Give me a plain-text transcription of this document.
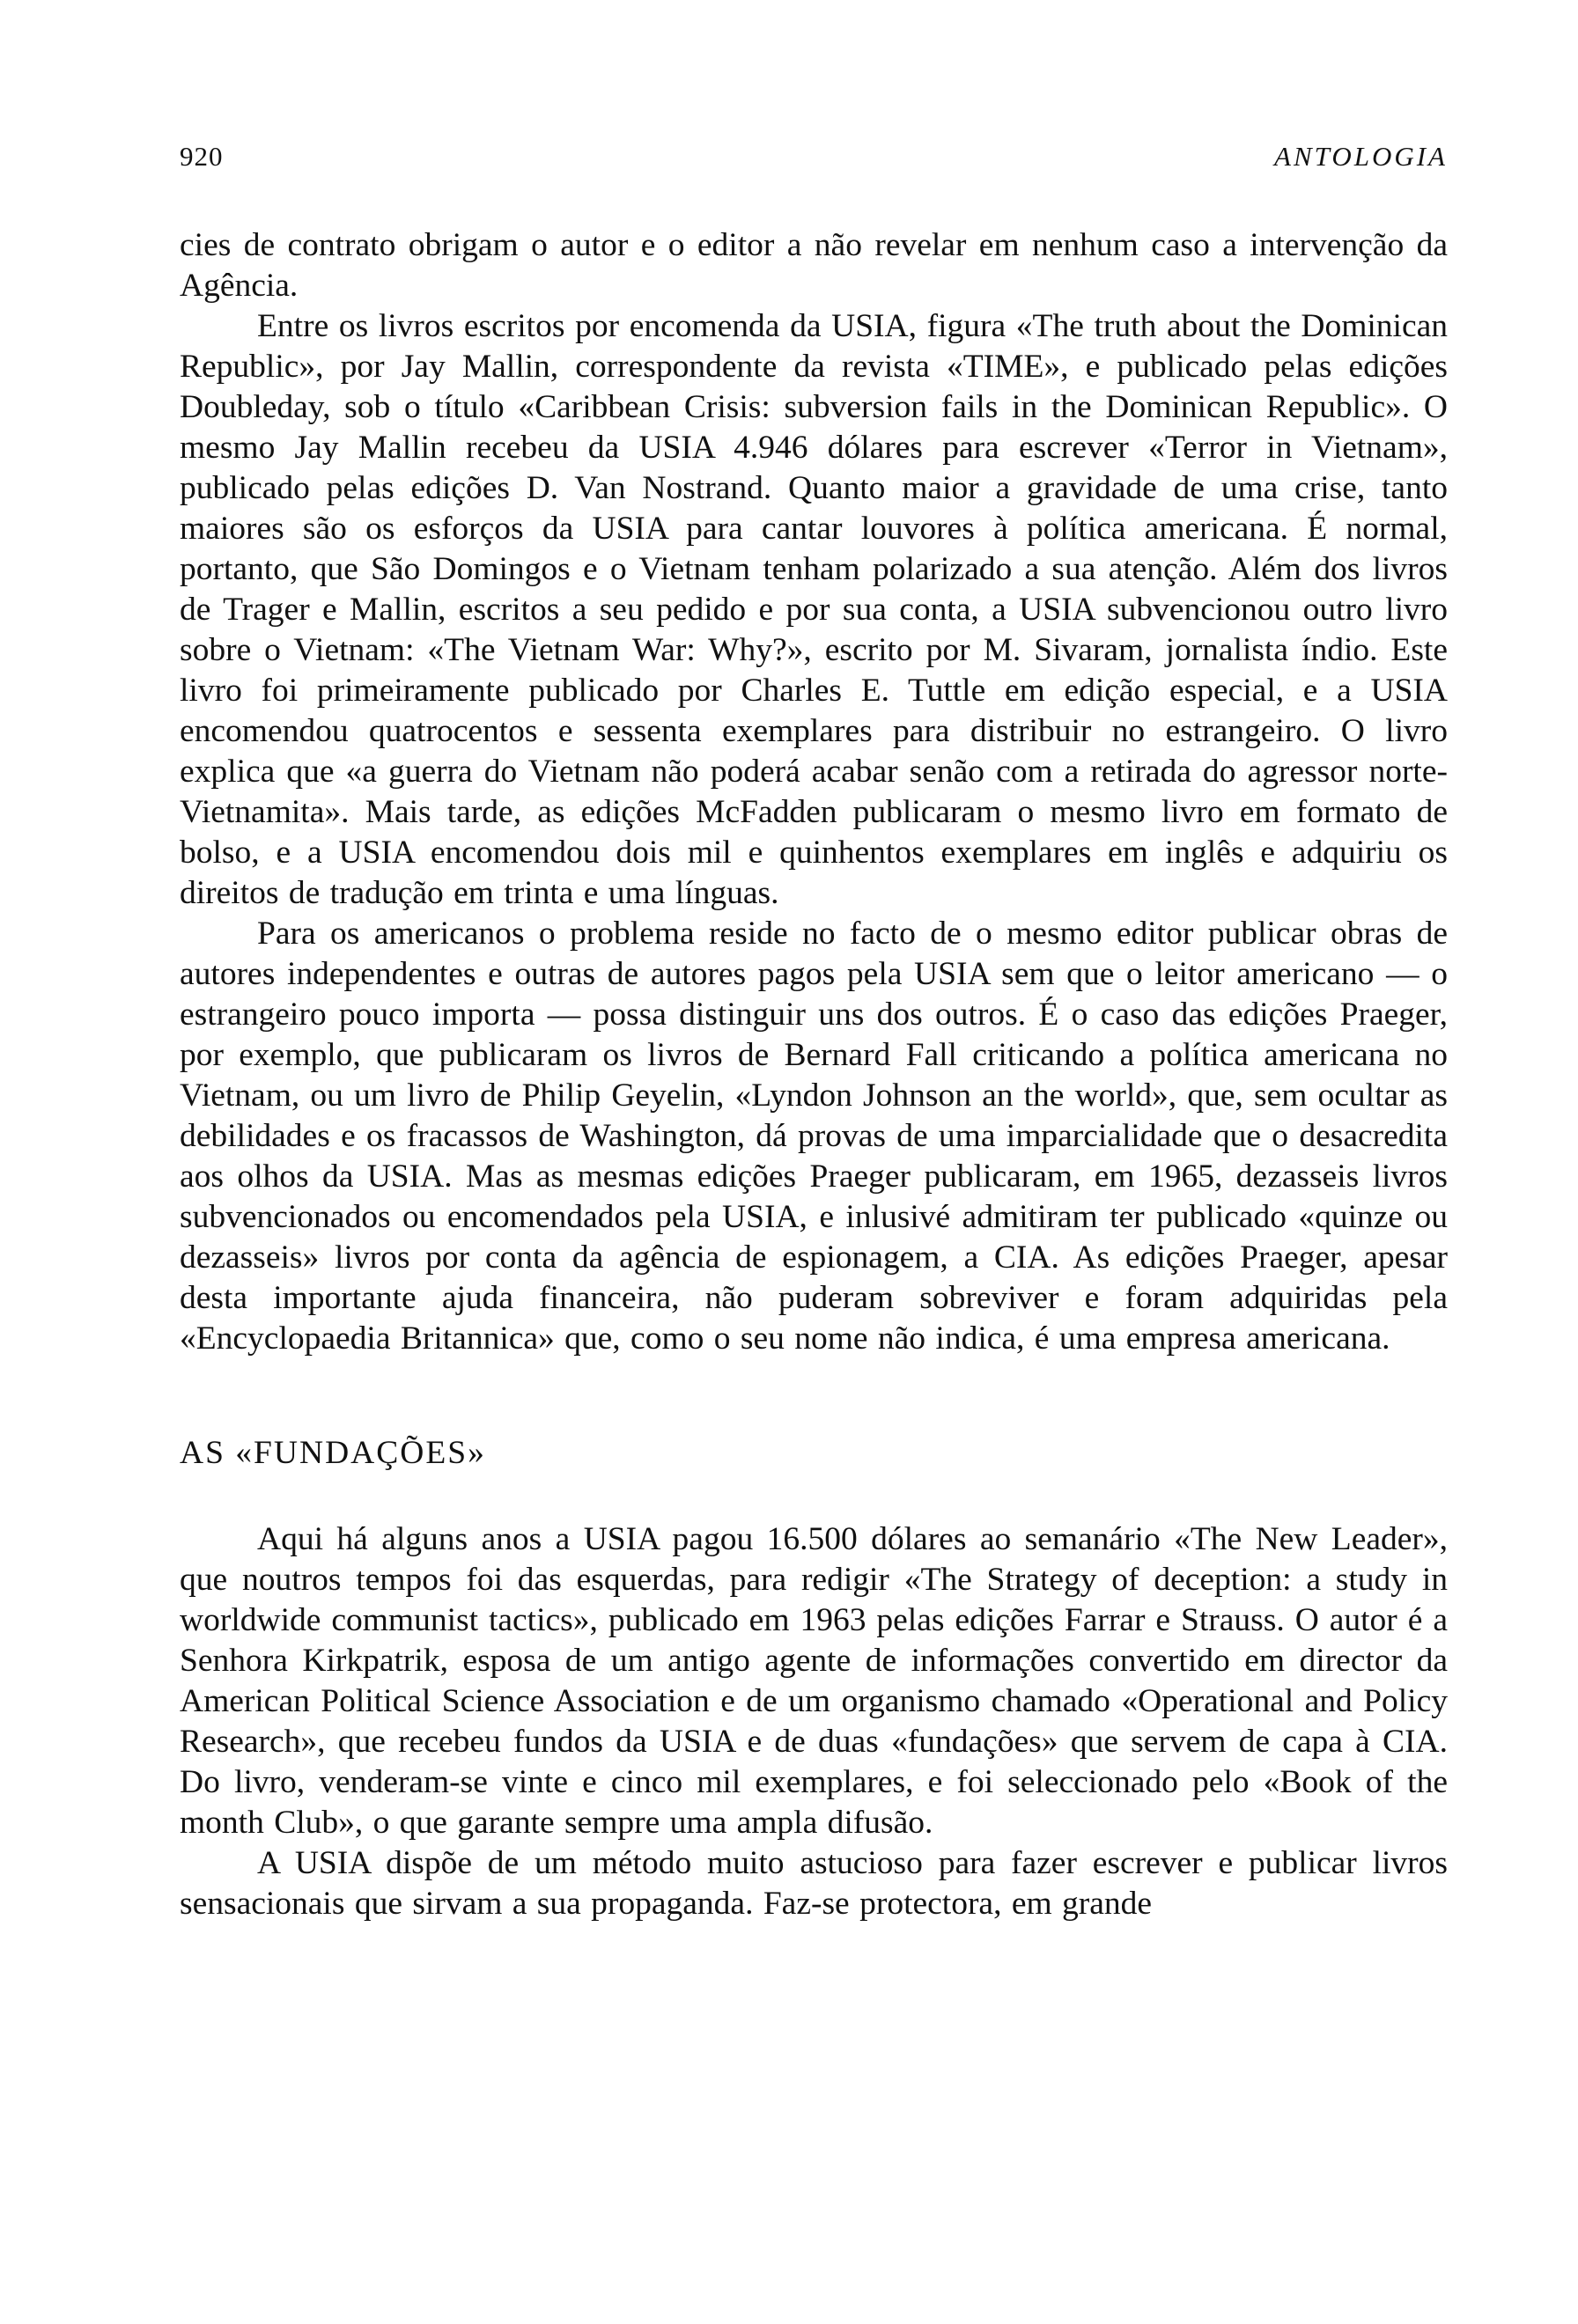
920	ANTOLOGIA

cies de contrato obrigam o autor e o editor a não revelar em nenhum caso a intervenção da Agência.

Entre os livros escritos por encomenda da USIA, figura «The truth about the Dominican Republic», por Jay Mallin, correspondente da revista «TIME», e publicado pelas edições Doubleday, sob o título «Caribbean Crisis: subversion fails in the Dominican Republic». O mesmo Jay Mallin recebeu da USIA 4.946 dólares para escrever «Terror in Vietnam», publicado pelas edições D. Van Nostrand. Quanto maior a gravidade de uma crise, tanto maiores são os esforços da USIA para cantar louvores à política americana. É normal, portanto, que São Domingos e o Vietnam tenham polarizado a sua atenção. Além dos livros de Trager e Mallin, escritos a seu pedido e por sua conta, a USIA subvencionou outro livro sobre o Vietnam: «The Vietnam War: Why?», escrito por M. Sivaram, jornalista índio. Este livro foi primeiramente publicado por Charles E. Tuttle em edição especial, e a USIA encomendou quatrocentos e sessenta exemplares para distribuir no estrangeiro. O livro explica que «a guerra do Vietnam não poderá acabar senão com a retirada do agressor norte-Vietnamita». Mais tarde, as edições McFadden publicaram o mesmo livro em formato de bolso, e a USIA encomendou dois mil e quinhentos exemplares em inglês e adquiriu os direitos de tradução em trinta e uma línguas.

Para os americanos o problema reside no facto de o mesmo editor publicar obras de autores independentes e outras de autores pagos pela USIA sem que o leitor americano — o estrangeiro pouco importa — possa distinguir uns dos outros. É o caso das edições Praeger, por exemplo, que publicaram os livros de Bernard Fall criticando a política americana no Vietnam, ou um livro de Philip Geyelin, «Lyndon Johnson an the world», que, sem ocultar as debilidades e os fracassos de Washington, dá provas de uma imparcialidade que o desacredita aos olhos da USIA. Mas as mesmas edições Praeger publicaram, em 1965, dezasseis livros subvencionados ou encomendados pela USIA, e inlusivé admitiram ter publicado «quinze ou dezasseis» livros por conta da agência de espionagem, a CIA. As edições Praeger, apesar desta importante ajuda financeira, não puderam sobreviver e foram adquiridas pela «Encyclopaedia Britannica» que, como o seu nome não indica, é uma empresa americana.

AS «FUNDAÇÕES»

Aqui há alguns anos a USIA pagou 16.500 dólares ao semanário «The New Leader», que noutros tempos foi das esquerdas, para redigir «The Strategy of deception: a study in worldwide communist tactics», publicado em 1963 pelas edições Farrar e Strauss. O autor é a Senhora Kirkpatrik, esposa de um antigo agente de informações convertido em director da American Political Science Association e de um organismo chamado «Operational and Policy Research», que recebeu fundos da USIA e de duas «fundações» que servem de capa à CIA. Do livro, venderam-se vinte e cinco mil exemplares, e foi seleccionado pelo «Book of the month Club», o que garante sempre uma ampla difusão.

A USIA dispõe de um método muito astucioso para fazer escrever e publicar livros sensacionais que sirvam a sua propaganda. Faz-se protectora, em grande
